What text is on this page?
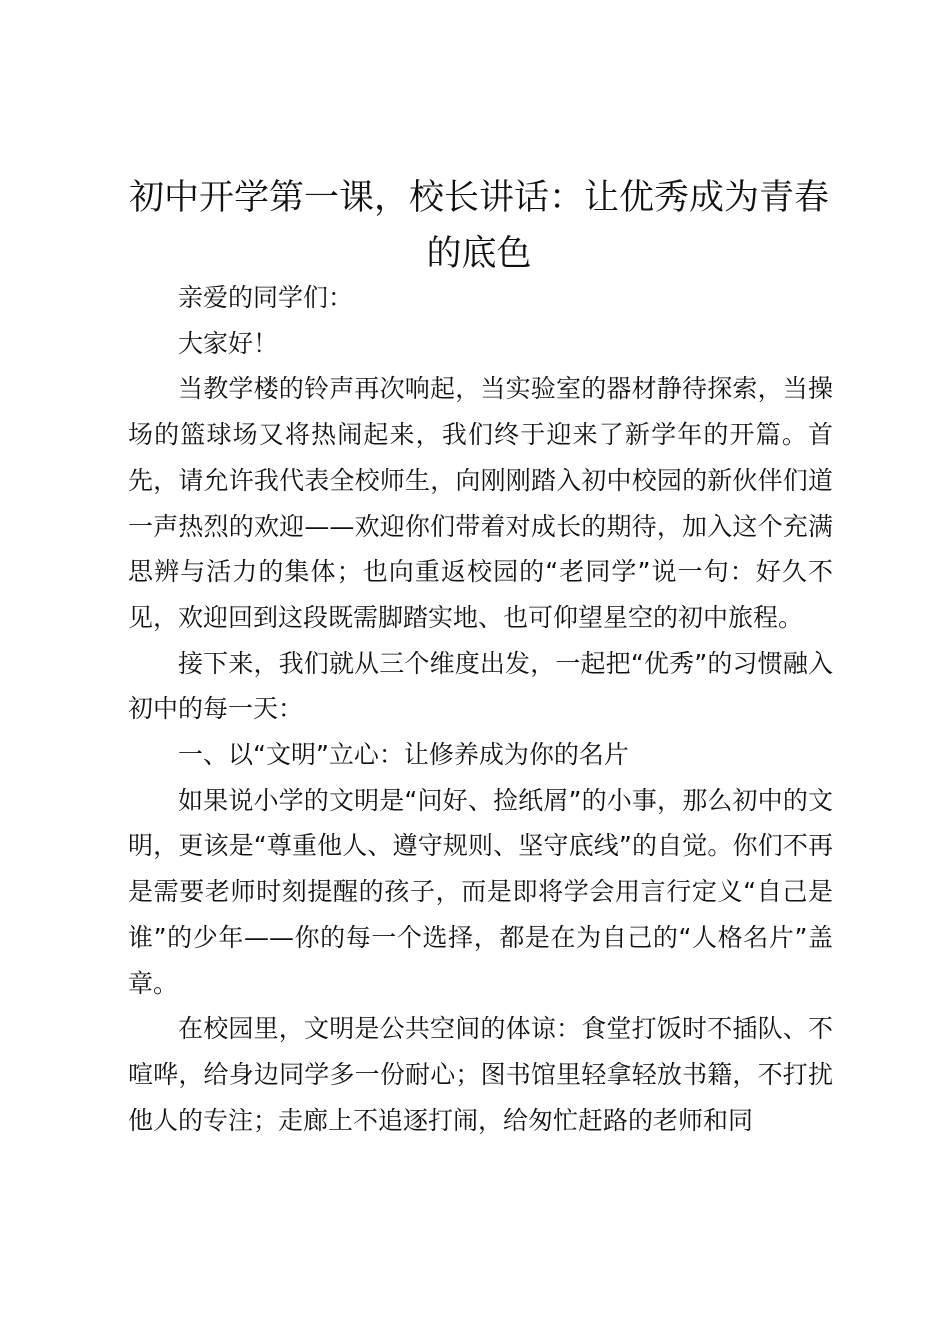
初中开学第一课，校长讲话：让优秀成为青春的底色

亲爱的同学们：

大家好！

当教学楼的铃声再次响起，当实验室的器材静待探索，当操场的篮球场又将热闹起来，我们终于迎来了新学年的开篇。首先，请允许我代表全校师生，向刚刚踏入初中校园的新伙伴们道一声热烈的欢迎——欢迎你们带着对成长的期待，加入这个充满思辨与活力的集体；也向重返校园的“老同学”说一句：好久不见，欢迎回到这段既需脚踏实地、也可仰望星空的初中旅程。

接下来，我们就从三个维度出发，一起把“优秀”的习惯融入初中的每一天：

一、以“文明”立心：让修养成为你的名片

如果说小学的文明是“问好、捡纸屑”的小事，那么初中的文明，更该是“尊重他人、遵守规则、坚守底线”的自觉。你们不再是需要老师时刻提醒的孩子，而是即将学会用言行定义“自己是谁”的少年——你的每一个选择，都是在为自己的“人格名片”盖章。

在校园里，文明是公共空间的体谅：食堂打饭时不插队、不喧哗，给身边同学多一份耐心；图书馆里轻拿轻放书籍，不打扰他人的专注；走廊上不追逐打闹，给匆忙赶路的老师和同
